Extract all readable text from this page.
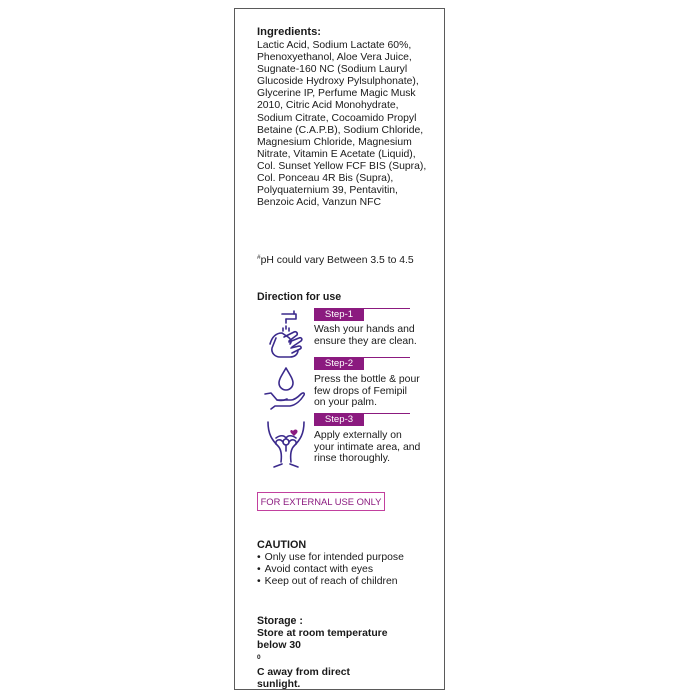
Ingredients:
Lactic Acid, Sodium Lactate 60%,
Phenoxyethanol, Aloe Vera Juice,
Sugnate-160 NC (Sodium Lauryl
Glucoside Hydroxy Pylsulphonate),
Glycerine IP, Perfume Magic Musk
2010, Citric Acid Monohydrate,
Sodium Citrate, Cocoamido Propyl
Betaine (C.A.P.B), Sodium Chloride,
Magnesium Chloride, Magnesium
Nitrate, Vitamin E Acetate (Liquid),
Col. Sunset Yellow FCF BIS (Supra),
Col. Ponceau 4R Bis (Supra),
Polyquaternium 39, Pentavitin,
Benzoic Acid, Vanzun NFC
#pH could vary Between 3.5 to 4.5
Direction for use
Step-1
Wash your hands and
ensure they are clean.
Step-2
Press the bottle & pour
few drops of Femipil
on your palm.
Step-3
Apply externally on
your intimate area, and
rinse thoroughly.
FOR EXTERNAL USE ONLY
CAUTION
• Only use for intended purpose
• Avoid contact with eyes
• Keep out of reach of children
Storage :
Store at room temperature
below 30
$^0$
C away from direct
sunlight.
